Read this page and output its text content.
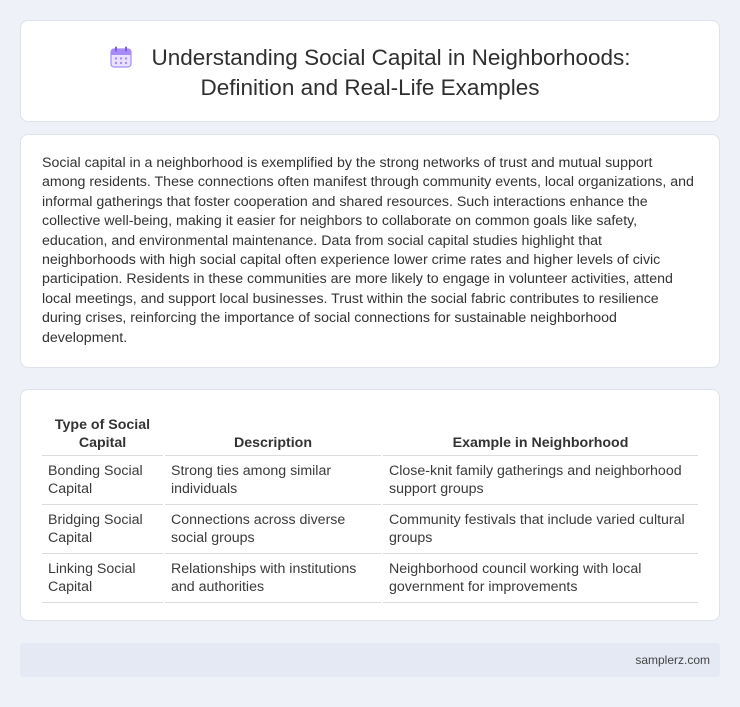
Understanding Social Capital in Neighborhoods:
Definition and Real-Life Examples

Social capital in a neighborhood is exemplified by the strong networks of trust and mutual support among residents. These connections often manifest through community events, local organizations, and informal gatherings that foster cooperation and shared resources. Such interactions enhance the collective well-being, making it easier for neighbors to collaborate on common goals like safety, education, and environmental maintenance. Data from social capital studies highlight that neighborhoods with high social capital often experience lower crime rates and higher levels of civic participation. Residents in these communities are more likely to engage in volunteer activities, attend local meetings, and support local businesses. Trust within the social fabric contributes to resilience during crises, reinforcing the importance of social connections for sustainable neighborhood development.

Type of Social Capital	Description	Example in Neighborhood
Bonding Social Capital	Strong ties among similar individuals	Close-knit family gatherings and neighborhood support groups
Bridging Social Capital	Connections across diverse social groups	Community festivals that include varied cultural groups
Linking Social Capital	Relationships with institutions and authorities	Neighborhood council working with local government for improvements
samplerz.com
